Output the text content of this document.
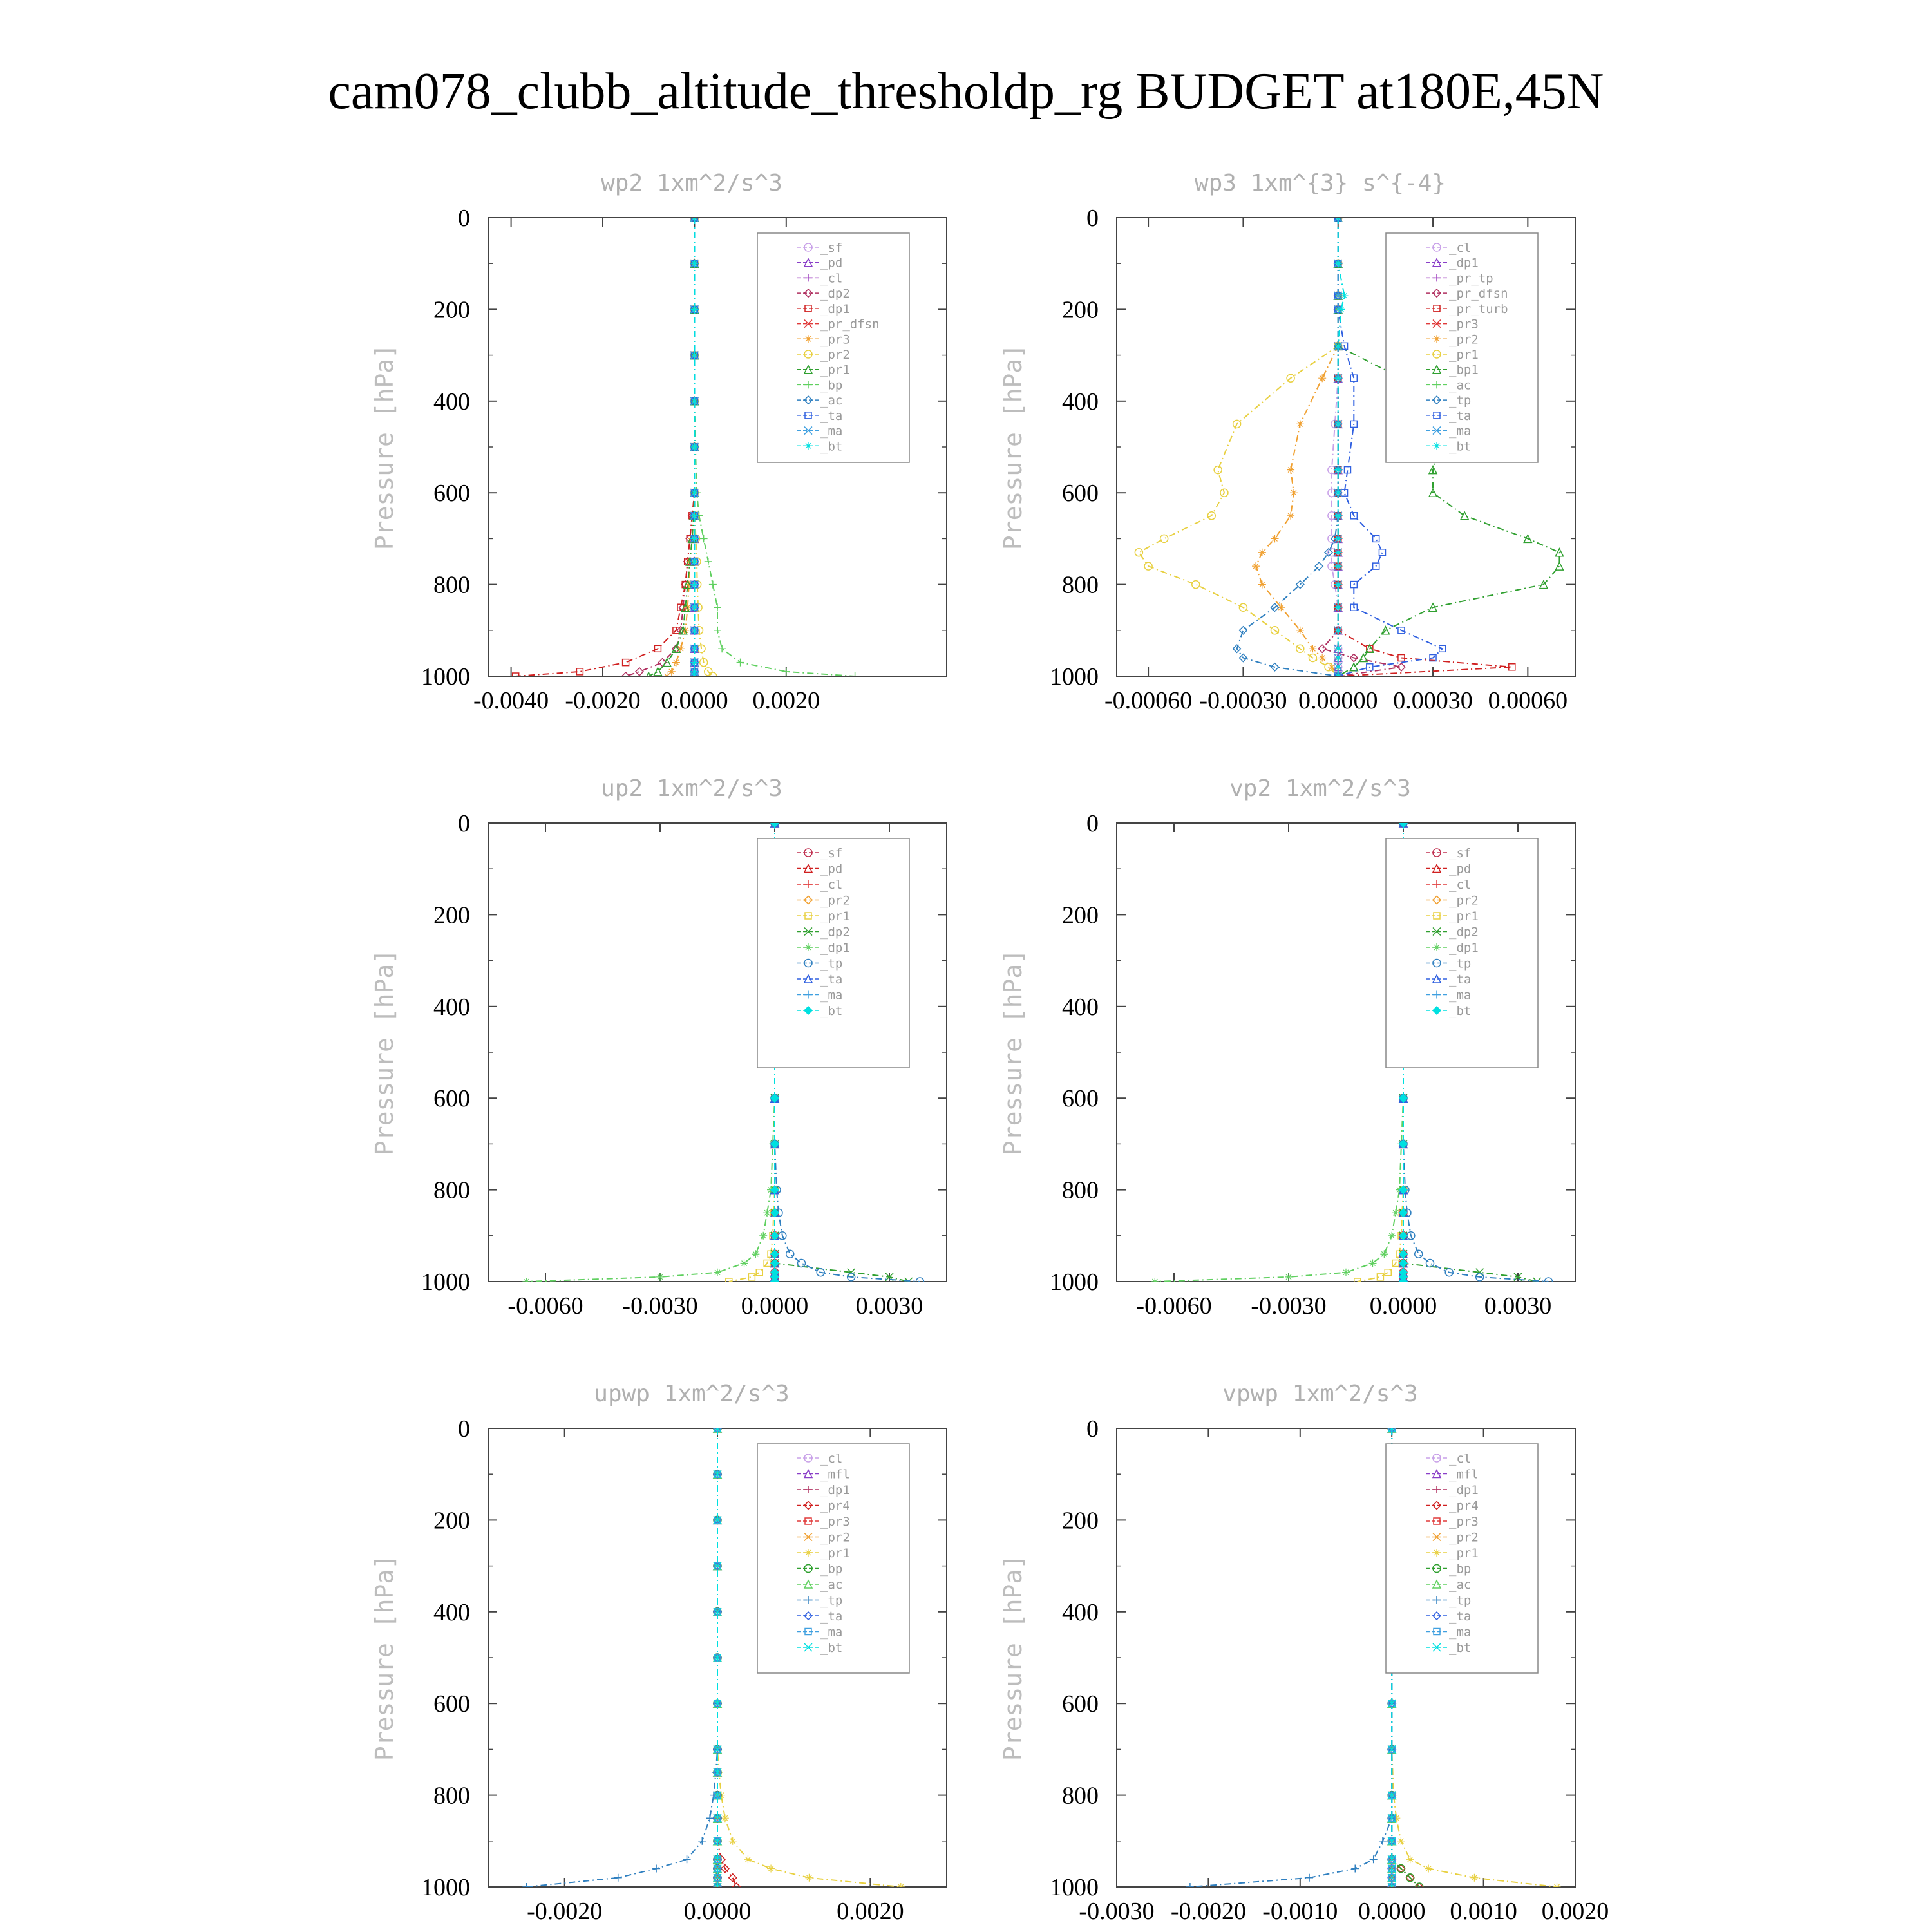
cam078_clubb_altitude_thresholdp_rg BUDGET at180E,45N
wp2 1xm^2/s^3
Pressure [hPa]
0
200
400
600
800
1000
-0.0040 -0.0020 0.0000 0.0020
_sf
_pd
_cl
_dp2
_dp1
_pr_dfsn
_pr3
_pr2
_pr1
_bp
_ac
_ta
_ma
_bt
wp3 1xm^{3} s^{-4}
Pressure [hPa]
0
200
400
600
800
1000
-0.00060 -0.00030 0.00000 0.00030 0.00060
_cl
_dp1
_pr_tp
_pr_dfsn
_pr_turb
_pr3
_pr2
_pr1
_bp1
_ac
_tp
_ta
_ma
_bt
up2 1xm^2/s^3
Pressure [hPa]
0
200
400
600
800
1000
-0.0060 -0.0030 0.0000 0.0030
_sf
_pd
_cl
_pr2
_pr1
_dp2
_dp1
_tp
_ta
_ma
_bt
vp2 1xm^2/s^3
Pressure [hPa]
0
200
400
600
800
1000
-0.0060 -0.0030 0.0000 0.0030
_sf
_pd
_cl
_pr2
_pr1
_dp2
_dp1
_tp
_ta
_ma
_bt
upwp 1xm^2/s^3
Pressure [hPa]
0
200
400
600
800
1000
-0.0020	0.0000	0.0020
_cl
_mfl
_dp1
_pr4
_pr3
_pr2
_pr1
_bp
_ac
_tp
_ta
_ma
_bt
vpwp 1xm^2/s^3
Pressure [hPa]
0
200
400
600
800
1000
-0.0030 -0.0020 -0.0010 0.0000 0.0010 0.0020
_cl
_mfl
_dp1
_pr4
_pr3
_pr2
_pr1
_bp
_ac
_tp
_ta
_ma
_bt
